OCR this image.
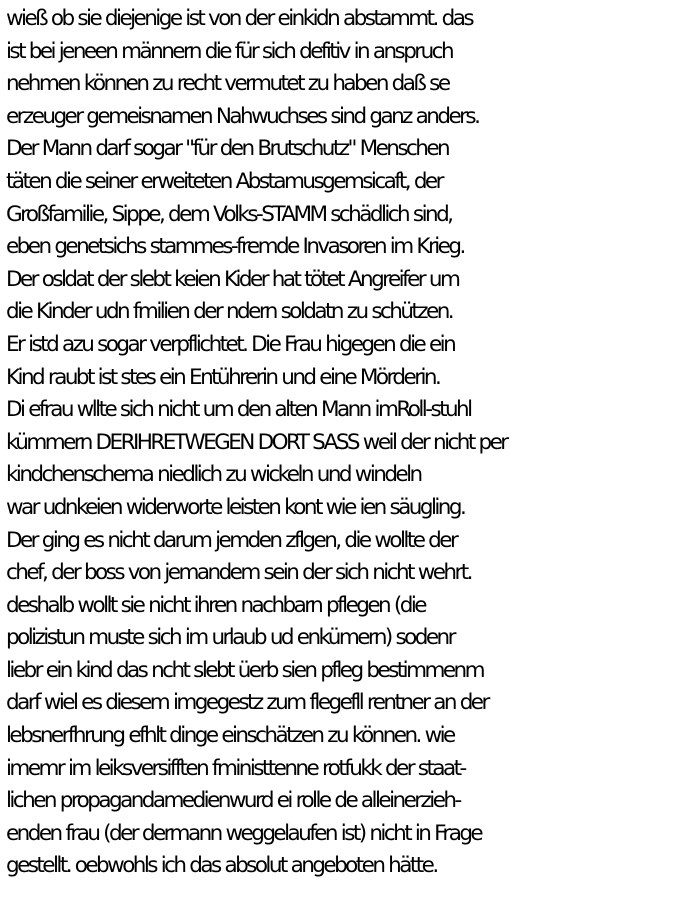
wieß ob sie diejenige ist von der einkidn abstammt. das
ist bei jeneen männern die für sich defitiv in anspruch
nehmen können zu recht vermutet zu haben daß se
erzeuger gemeisnamen Nahwuchses sind ganz anders.
Der Mann darf sogar "für den Brutschutz" Menschen
täten die seiner erweiteten Abstamusgemsicaft, der
Großfamilie, Sippe, dem Volks-STAMM schädlich sind,
eben genetsichs stammes-fremde Invasoren im Krieg.
Der osldat der slebt keien Kider hat tötet Angreifer um
die Kinder udn fmilien der ndern soldatn zu schützen.
Er istd azu sogar verpflichtet. Die Frau higegen die ein
Kind raubt ist stes ein Entührerin und eine Mörderin.
Di efrau wllte sich nicht um den alten Mann imRoll-stuhl
kümmern DERIHRETWEGEN DORT SASS weil der nicht per
kindchenschema niedlich zu wickeln und windeln
war udnkeien widerworte leisten kont wie ien säugling.
Der ging es nicht darum jemden zflgen, die wollte der
chef, der boss von jemandem sein der sich nicht wehrt.
deshalb wollt sie nicht ihren nachbarn pflegen (die
polizistun muste sich im urlaub ud enkümern) sodenr
liebr ein kind das ncht slebt üerb sien pfleg bestimmenm
darf wiel es diesem imgegestz zum flegefll rentner an der
lebsnerfhrung efhlt dinge einschätzen zu können. wie
imemr im leiksversifften fministtenne rotfukk der staat-
lichen propagandamedienwurd ei rolle de alleinerzieh-
enden frau (der dermann weggelaufen ist) nicht in Frage
gestellt. oebwohls ich das absolut angeboten hätte.
